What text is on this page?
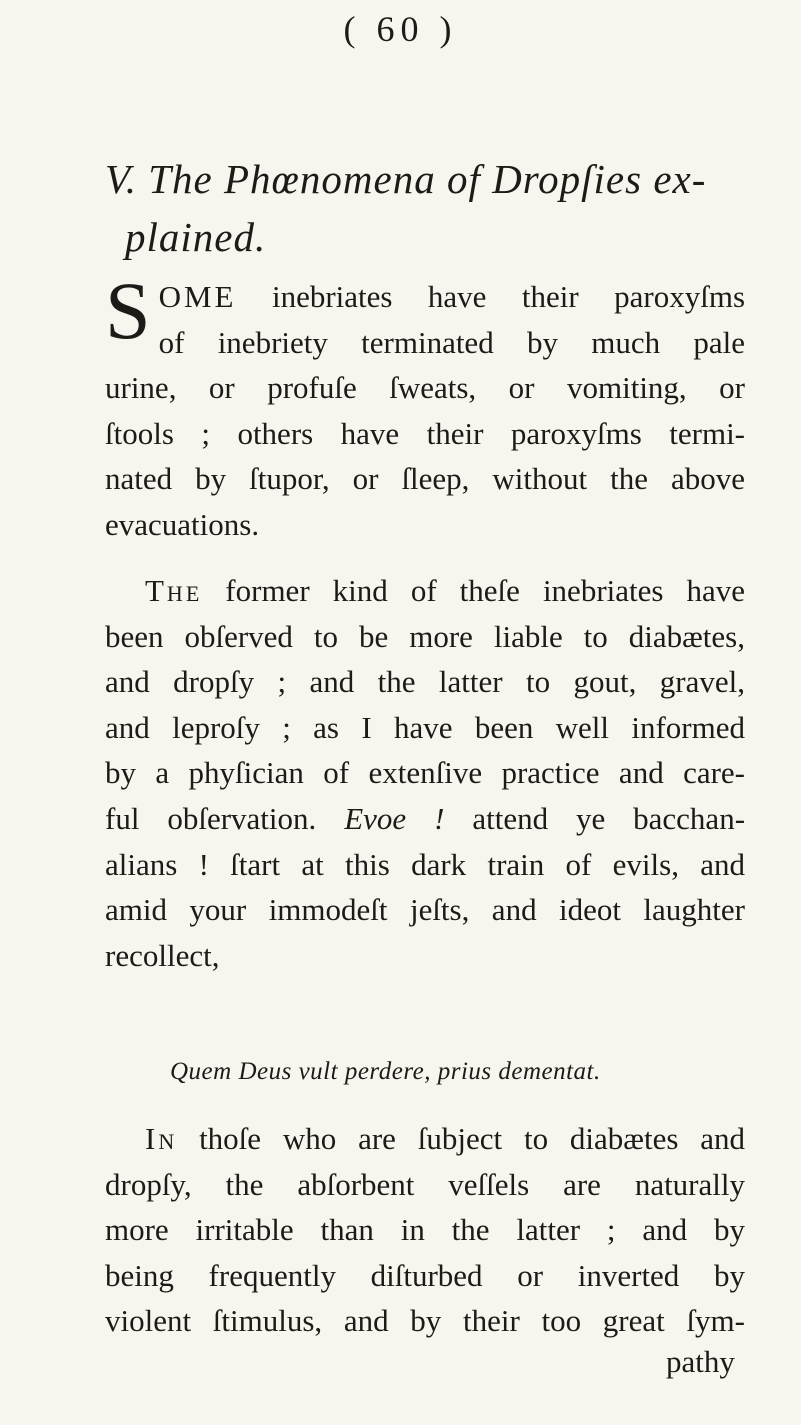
( 60 )
V. The Phœnomena of Dropſies ex-
plained.
S OME inebriates have their paroxyſms
of inebriety terminated by much pale
urine, or profuſe ſweats, or vomiting, or
ſtools ; others have their paroxyſms termi-
nated by ſtupor, or ſleep, without the above
evacuations.
The former kind of theſe inebriates have
been obſerved to be more liable to diabætes,
and dropſy ; and the latter to gout, gravel,
and leproſy ; as I have been well informed
by a phyſician of extenſive practice and care-
ful obſervation. Evoe ! attend ye bacchan-
alians ! ſtart at this dark train of evils, and
amid your immodeſt jeſts, and ideot laughter
recollect,
Quem Deus vult perdere, prius dementat.
In thoſe who are ſubject to diabætes and
dropſy, the abſorbent veſſels are naturally
more irritable than in the latter ; and by
being frequently diſturbed or inverted by
violent ſtimulus, and by their too great ſym-
pathy
